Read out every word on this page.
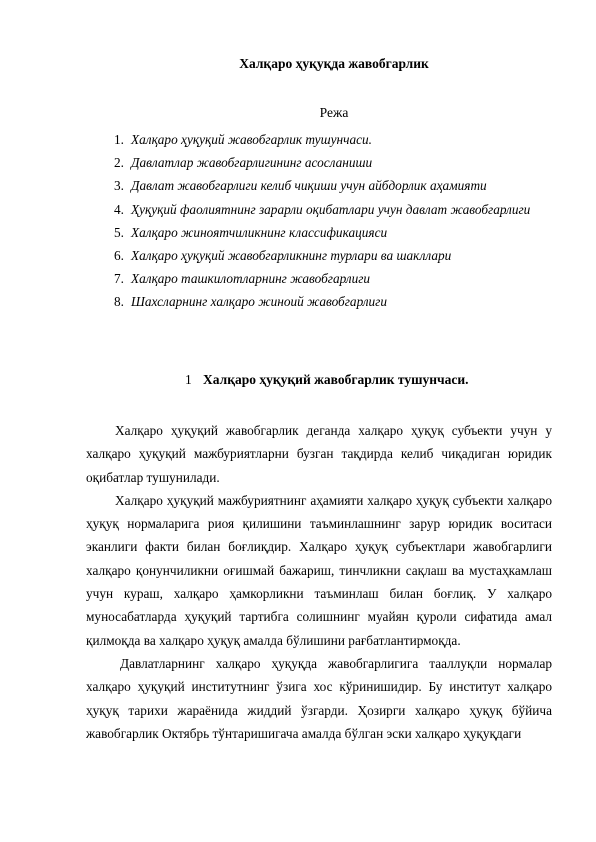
Халқаро ҳуқуқда жавобгарлик
Режа
1. Халқаро ҳуқуқий жавобгарлик тушунчаси.
2. Давлатлар жавобгарлигининг асосланиши
3. Давлат жавобгарлиги келиб чиқиши учун айбдорлик аҳамияти
4. Ҳуқуқий фаолиятнинг зарарли оқибатлари учун давлат жавобгарлиги
5. Халқаро жиноятчиликнинг классификацияси
6. Халқаро ҳуқуқий жавобгарликнинг турлари ва шакллари
7. Халқаро ташкилотларнинг жавобгарлиги
8. Шахсларнинг халқаро жиноий жавобгарлиги
1 Халқаро ҳуқуқий жавобгарлик тушунчаси.

Халқаро ҳуқуқий жавобгарлик деганда халқаро ҳуқуқ субъекти учун у халқаро ҳуқуқий мажбуриятларни бузган тақдирда келиб чиқадиган юридик оқибатлар тушунилади.

Халқаро ҳуқуқий мажбуриятнинг аҳамияти халқаро ҳуқуқ субъекти халқаро ҳуқуқ нормаларига риоя қилишини таъминлашнинг зарур юридик воситаси эканлиги факти билан боғлиқдир. Халқаро ҳуқуқ субъектлари жавобгарлиги халқаро қонунчиликни оғишмай бажариш, тинчликни сақлаш ва мустаҳкамлаш учун кураш, халқаро ҳамкорликни таъминлаш билан боғлиқ. У халқаро муносабатларда ҳуқуқий тартибга солишнинг муайян қуроли сифатида амал қилмоқда ва халқаро ҳуқуқ амалда бўлишини рағбатлантирмоқда.

Давлатларнинг халқаро ҳуқуқда жавобгарлигига тааллуқли нормалар халқаро ҳуқуқий институтнинг ўзига хос кўринишидир. Бу институт халқаро ҳуқуқ тарихи жараёнида жиддий ўзгарди. Ҳозирги халқаро ҳуқуқ бўйича жавобгарлик Октябрь тўнтаришигача амалда бўлган эски халқаро ҳуқуқдаги
